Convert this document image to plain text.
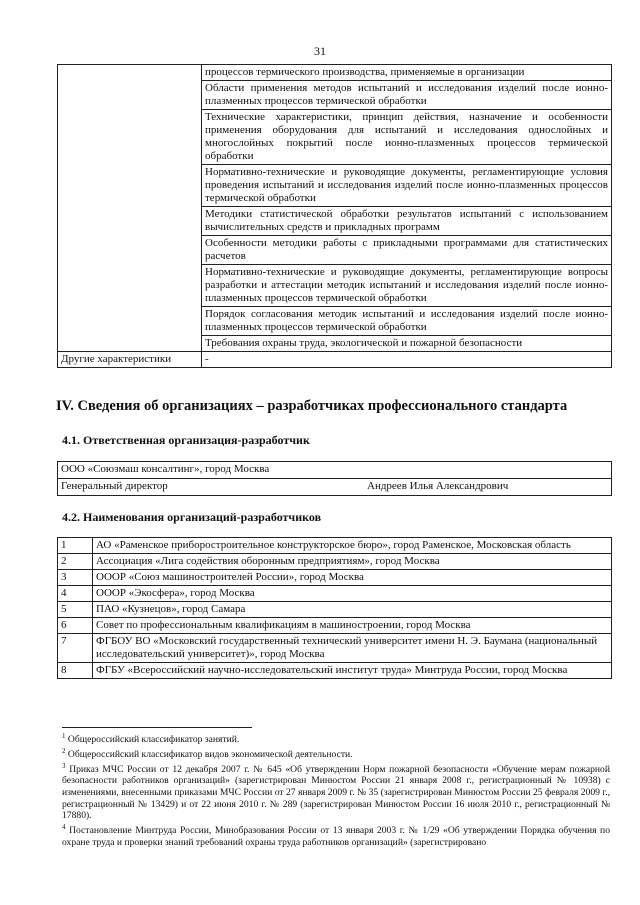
31
	процессов термического производства, применяемые в организации
	Области применения методов испытаний и исследования изделий после ионно-плазменных процессов термической обработки
	Технические характеристики, принцип действия, назначение и особенности применения оборудования для испытаний и исследования однослойных и многослойных покрытий после ионно-плазменных процессов термической обработки
	Нормативно-технические и руководящие документы, регламентирующие условия проведения испытаний и исследования изделий после ионно-плазменных процессов термической обработки
	Методики статистической обработки результатов испытаний с использованием вычислительных средств и прикладных программ
	Особенности методики работы с прикладными программами для статистических расчетов
	Нормативно-технические и руководящие документы, регламентирующие вопросы разработки и аттестации методик испытаний и исследования изделий после ионно-плазменных процессов термической обработки
	Порядок согласования методик испытаний и исследования изделий после ионно-плазменных процессов термической обработки
	Требования охраны труда, экологической и пожарной безопасности
Другие характеристики	-
IV. Сведения об организациях – разработчиках профессионального стандарта
4.1. Ответственная организация-разработчик
ООО «Союзмаш консалтинг», город Москва
Генеральный директор	Андреев Илья Александрович
4.2. Наименования организаций-разработчиков
1	АО «Раменское приборостроительное конструкторское бюро», город Раменское, Московская область
2	Ассоциация «Лига содействия оборонным предприятиям», город Москва
3	ОООР «Союз машиностроителей России», город Москва
4	ОООР «Экосфера», город Москва
5	ПАО «Кузнецов», город Самара
6	Совет по профессиональным квалификациям в машиностроении, город Москва
7	ФГБОУ ВО «Московский государственный технический университет имени Н. Э. Баумана (национальный исследовательский университет)», город Москва
8	ФГБУ «Всероссийский научно-исследовательский институт труда» Минтруда России, город Москва

$^1$ Общероссийский классификатор занятий.

$^2$ Общероссийский классификатор видов экономической деятельности.

$^3$ Приказ МЧС России от 12 декабря 2007 г. № 645 «Об утверждении Норм пожарной безопасности «Обучение мерам пожарной безопасности работников организаций» (зарегистрирован Минюстом России 21 января 2008 г., регистрационный № 10938) с изменениями, внесенными приказами МЧС России от 27 января 2009 г. № 35 (зарегистрирован Минюстом России 25 февраля 2009 г., регистрационный № 13429) и от 22 июня 2010 г. № 289 (зарегистрирован Минюстом России 16 июля 2010 г., регистрационный № 17880).

$^4$ Постановление Минтруда России, Минобразования России от 13 января 2003 г. № 1/29 «Об утверждении Порядка обучения по охране труда и проверки знаний требований охраны труда работников организаций» (зарегистрировано
